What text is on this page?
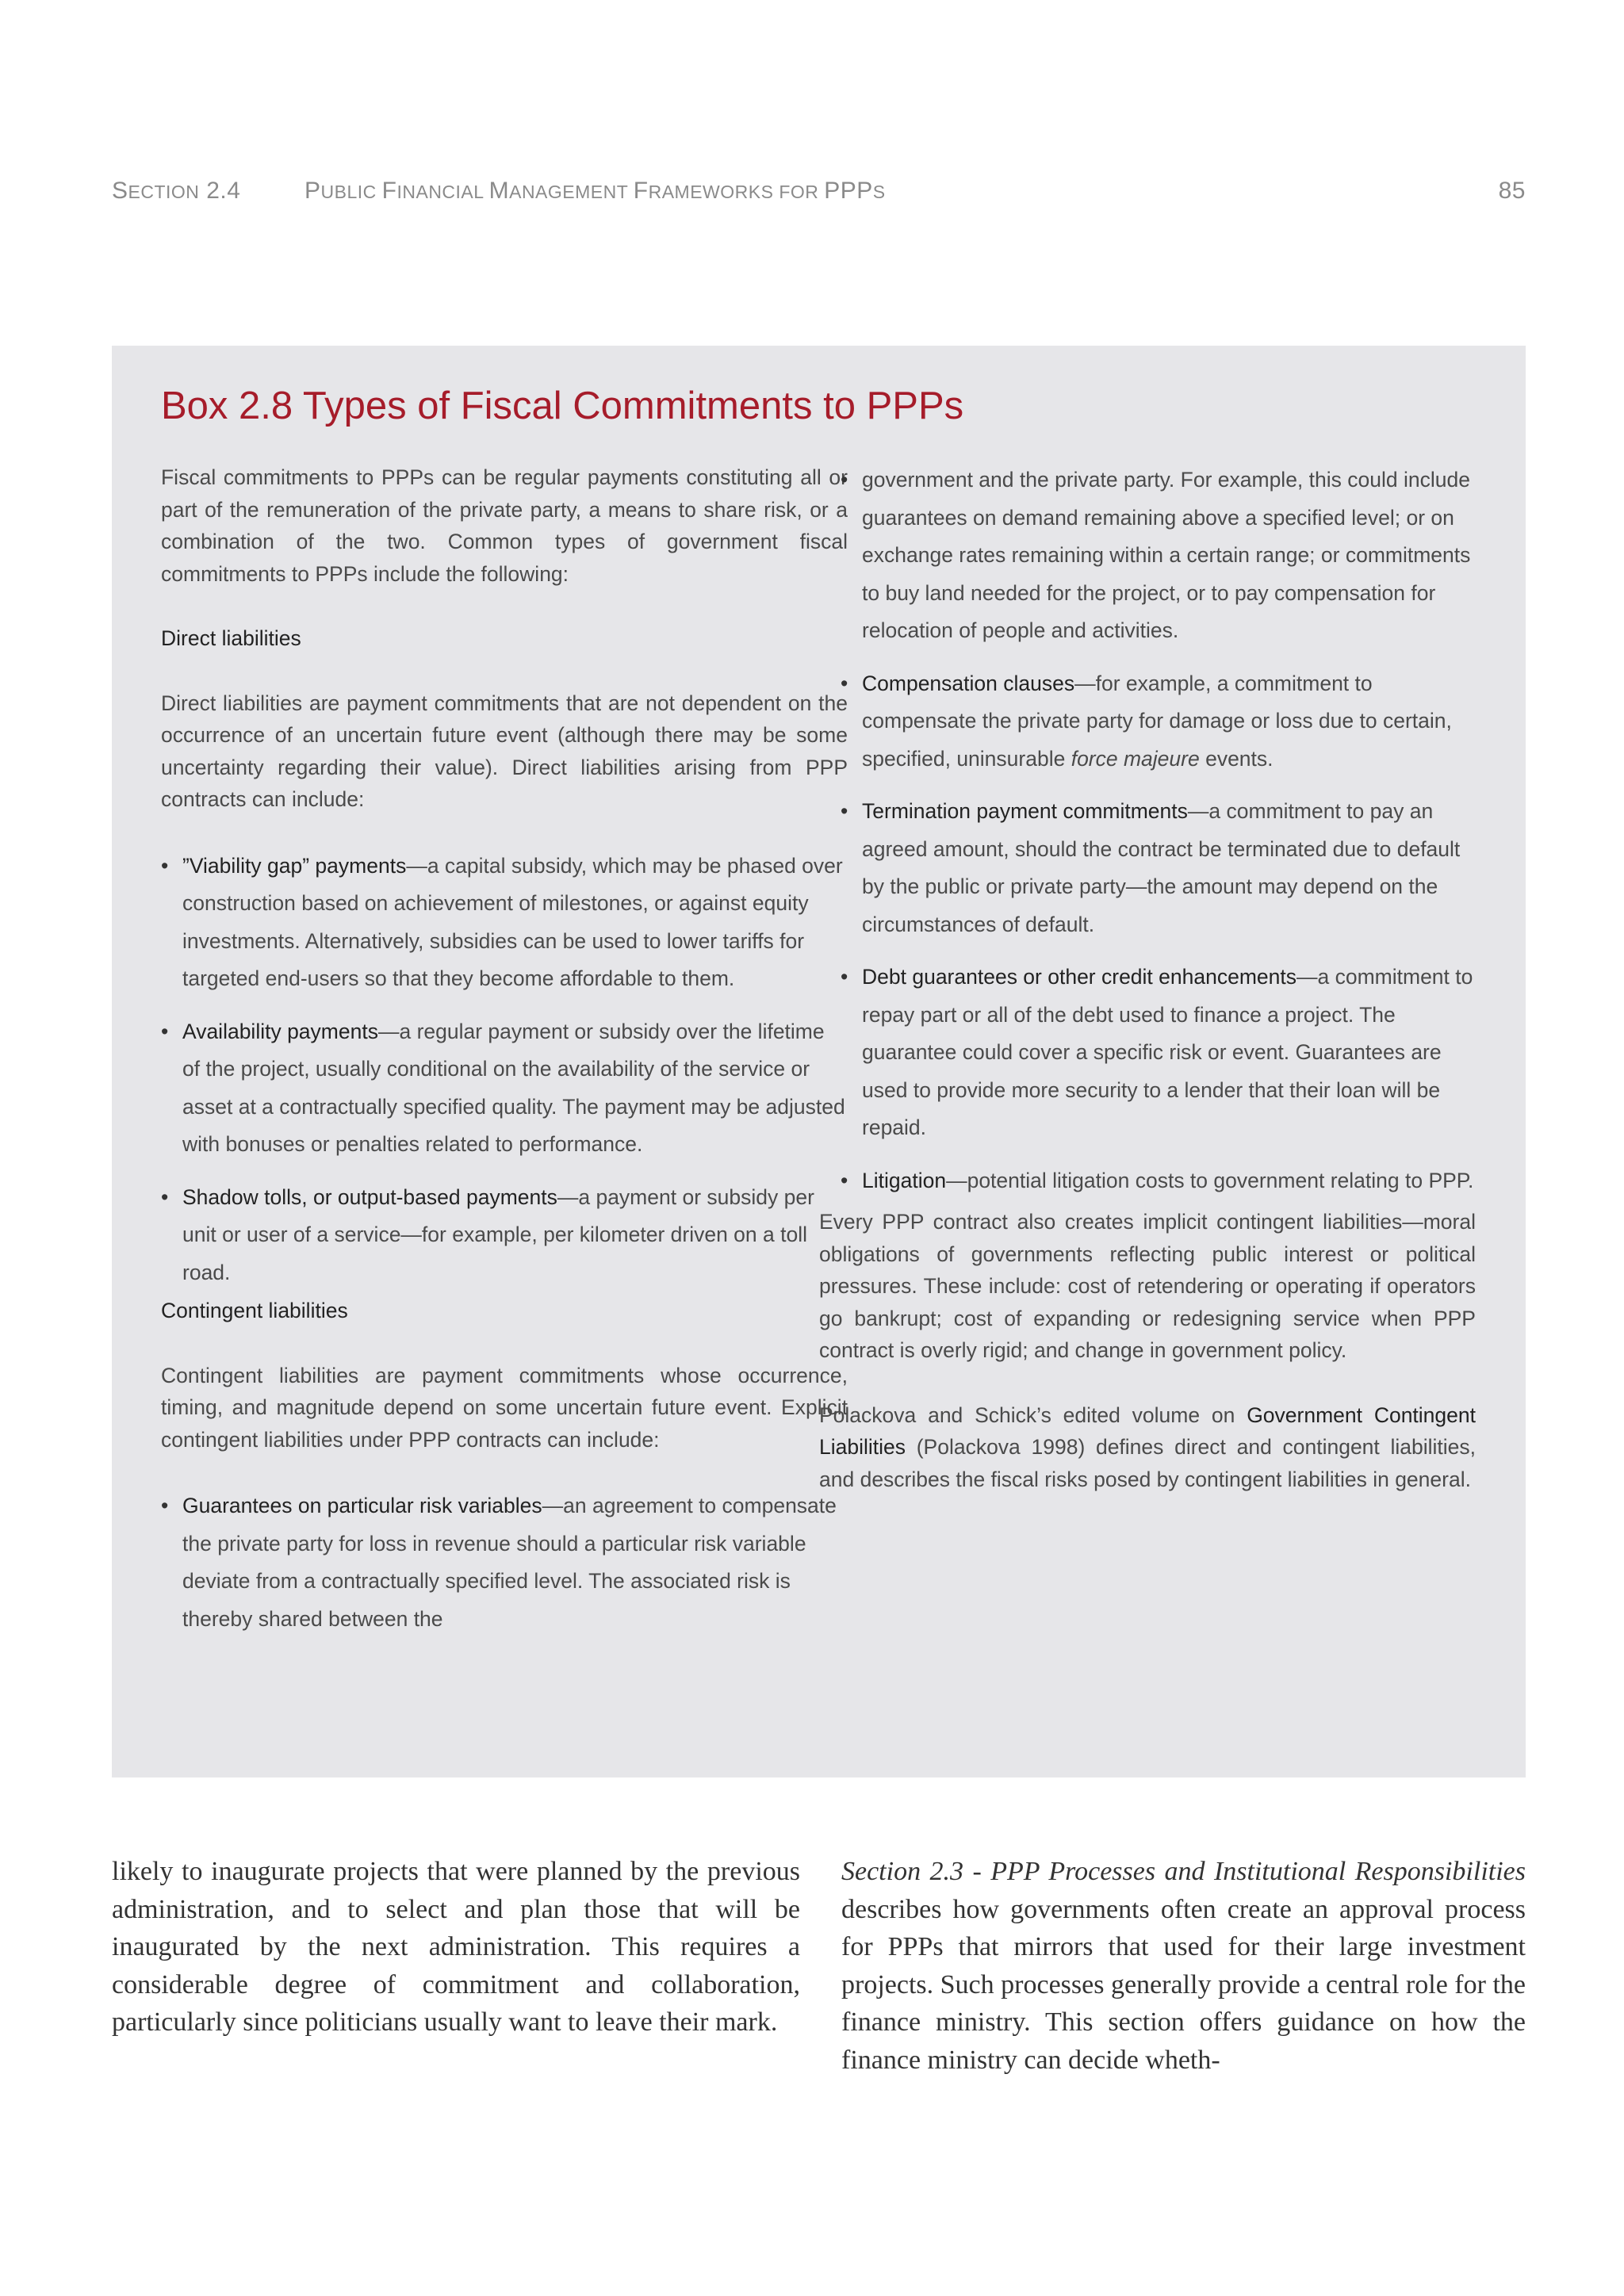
SECTION 2.4	PUBLIC FINANCIAL MANAGEMENT FRAMEWORKS FOR PPPS	85
Box 2.8 Types of Fiscal Commitments to PPPs

Fiscal commitments to PPPs can be regular payments constituting all or part of the remuneration of the private party, a means to share risk, or a combination of the two. Common types of government fiscal commitments to PPPs include the following:

Direct liabilities

Direct liabilities are payment commitments that are not dependent on the occurrence of an uncertain future event (although there may be some uncertainty regarding their value). Direct liabilities arising from PPP contracts can include:

• ”Viability gap” payments—a capital subsidy, which may be phased over construction based on achievement of milestones, or against equity investments. Alternatively, subsidies can be used to lower tariffs for targeted end-users so that they become affordable to them.

• Availability payments—a regular payment or subsidy over the lifetime of the project, usually conditional on the availability of the service or asset at a contractually specified quality. The payment may be adjusted with bonuses or penalties related to performance.

• Shadow tolls, or output-based payments—a payment or subsidy per unit or user of a service—for example, per kilometer driven on a toll road.

Contingent liabilities

Contingent liabilities are payment commitments whose occurrence, timing, and magnitude depend on some uncertain future event. Explicit contingent liabilities under PPP contracts can include:

• Guarantees on particular risk variables—an agreement to compensate the private party for loss in revenue should a particular risk variable deviate from a contractually specified level. The associated risk is thereby shared between the

• government and the private party. For example, this could include guarantees on demand remaining above a specified level; or on exchange rates remaining within a certain range; or commitments to buy land needed for the project, or to pay compensation for relocation of people and activities.

• Compensation clauses—for example, a commitment to compensate the private party for damage or loss due to certain, specified, uninsurable force majeure events.

• Termination payment commitments—a commitment to pay an agreed amount, should the contract be terminated due to default by the public or private party—the amount may depend on the circumstances of default.

• Debt guarantees or other credit enhancements—a commitment to repay part or all of the debt used to finance a project. The guarantee could cover a specific risk or event. Guarantees are used to provide more security to a lender that their loan will be repaid.

• Litigation—potential litigation costs to government relating to PPP.

Every PPP contract also creates implicit contingent liabilities—moral obligations of governments reflecting public interest or political pressures. These include: cost of retendering or operating if operators go bankrupt; cost of expanding or redesigning service when PPP contract is overly rigid; and change in government policy.

Polackova and Schick’s edited volume on Government Contingent Liabilities (Polackova 1998) defines direct and contingent liabilities, and describes the fiscal risks posed by contingent liabilities in general.

likely to inaugurate projects that were planned by the previous administration, and to select and plan those that will be inaugurated by the next administration. This requires a considerable degree of commitment and collaboration, particularly since politicians usually want to leave their mark.
Section 2.3 - PPP Processes and Institutional Responsibilities describes how governments often create an approval process for PPPs that mirrors that used for their large investment projects. Such processes generally provide a central role for the finance ministry. This section offers guidance on how the finance ministry can decide wheth-
